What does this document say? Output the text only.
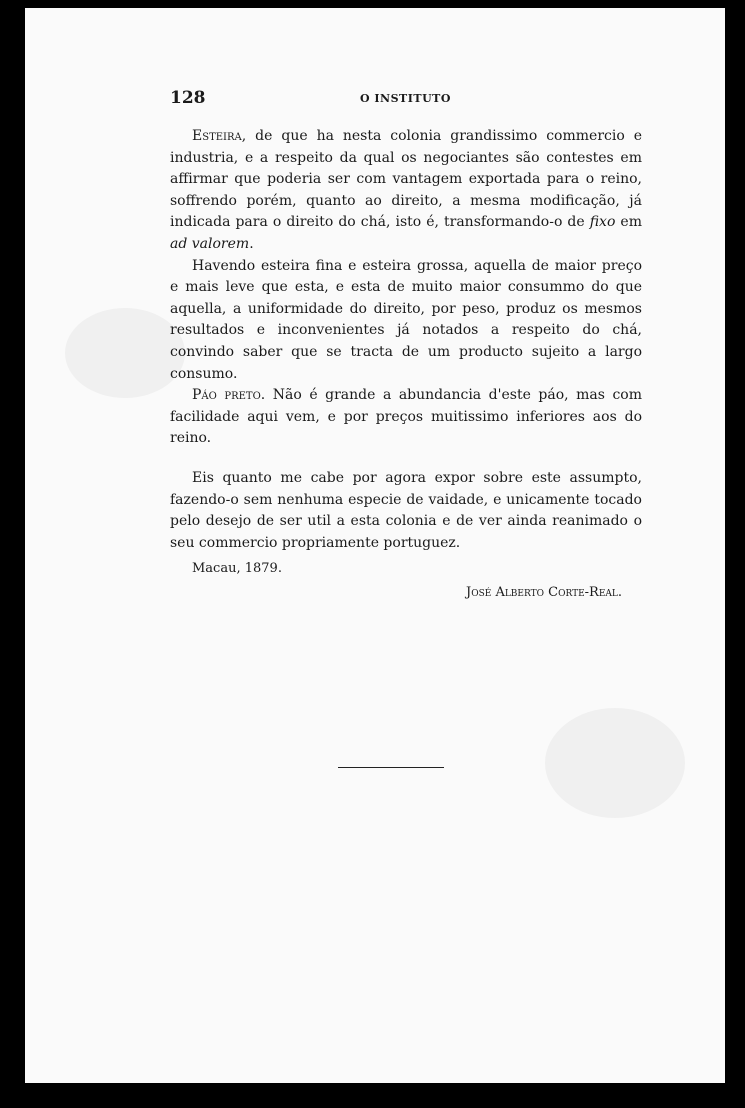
128	O INSTITUTO

Esteira, de que ha nesta colonia grandissimo commercio e industria, e a respeito da qual os negociantes são contestes em affirmar que poderia ser com vantagem exportada para o reino, soffrendo porém, quanto ao direito, a mesma modificação, já indicada para o direito do chá, isto é, transformando-o de fixo em ad valorem.

Havendo esteira fina e esteira grossa, aquella de maior preço e mais leve que esta, e esta de muito maior consummo do que aquella, a uniformidade do direito, por peso, produz os mesmos resultados e inconvenientes já notados a respeito do chá, convindo saber que se tracta de um producto sujeito a largo consumo.

Páo preto. Não é grande a abundancia d'este páo, mas com facilidade aqui vem, e por preços muitissimo inferiores aos do reino.

Eis quanto me cabe por agora expor sobre este assumpto, fazendo-o sem nenhuma especie de vaidade, e unicamente tocado pelo desejo de ser util a esta colonia e de ver ainda reanimado o seu commercio propriamente portuguez.

Macau, 1879.
José Alberto Corte-Real.
